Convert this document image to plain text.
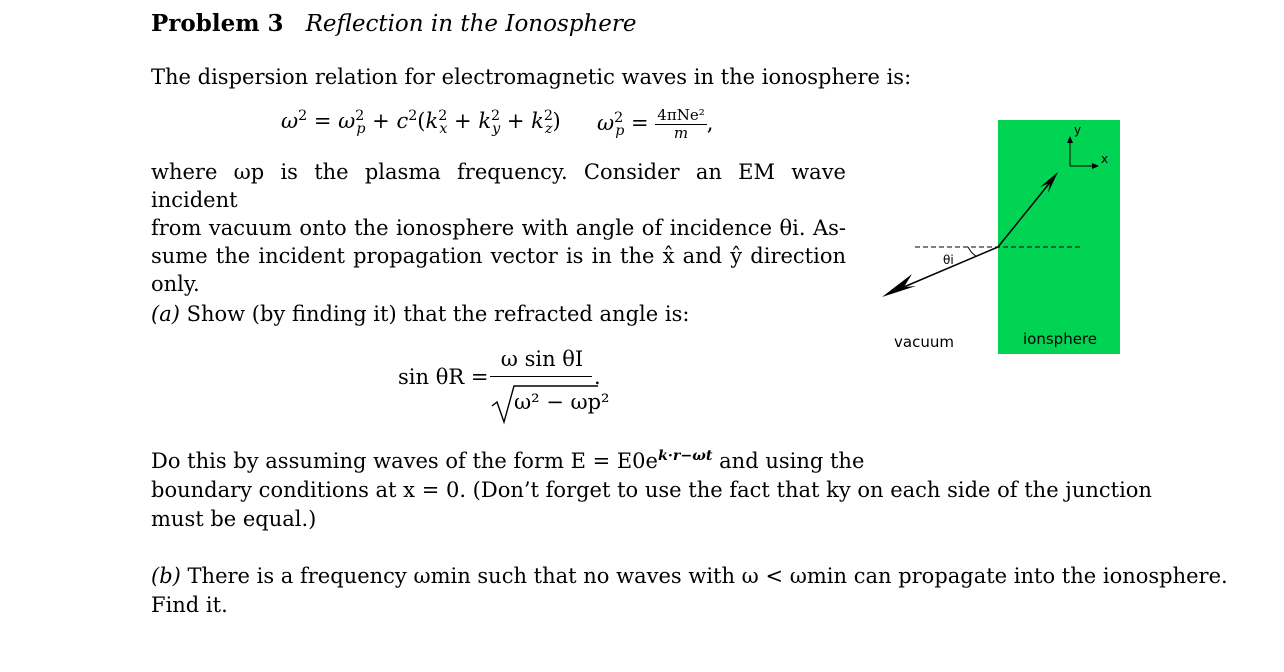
Problem 3 Reflection in the Ionosphere
The dispersion relation for electromagnetic waves in the ionosphere is:
$\omega^2 = \omega^2_p + c^2(k^2_x + k^2_y + k^2_z) \omega^2_p = \frac{\text{4πNe²}}{m}$ ,
where ωp is the plasma frequency. Consider an EM wave incident
from vacuum onto the ionosphere with angle of incidence θi. As-
sume the incident propagation vector is in the x̂ and ŷ direction
only.
(a) Show (by finding it) that the refracted angle is:
sin θR =
ω sin θI
ω² − ωp²
.
Do this by assuming waves of the form $E = E0e^{k\cdot r-\omega t}$ and using the
boundary conditions at x = 0. (Don’t forget to use the fact that ky on each side of the junction
must be equal.)
(b) There is a frequency ωmin such that no waves with ω < ωmin can propagate into the ionosphere.
Find it.
θi
y
x
vacuum	ionsphere
